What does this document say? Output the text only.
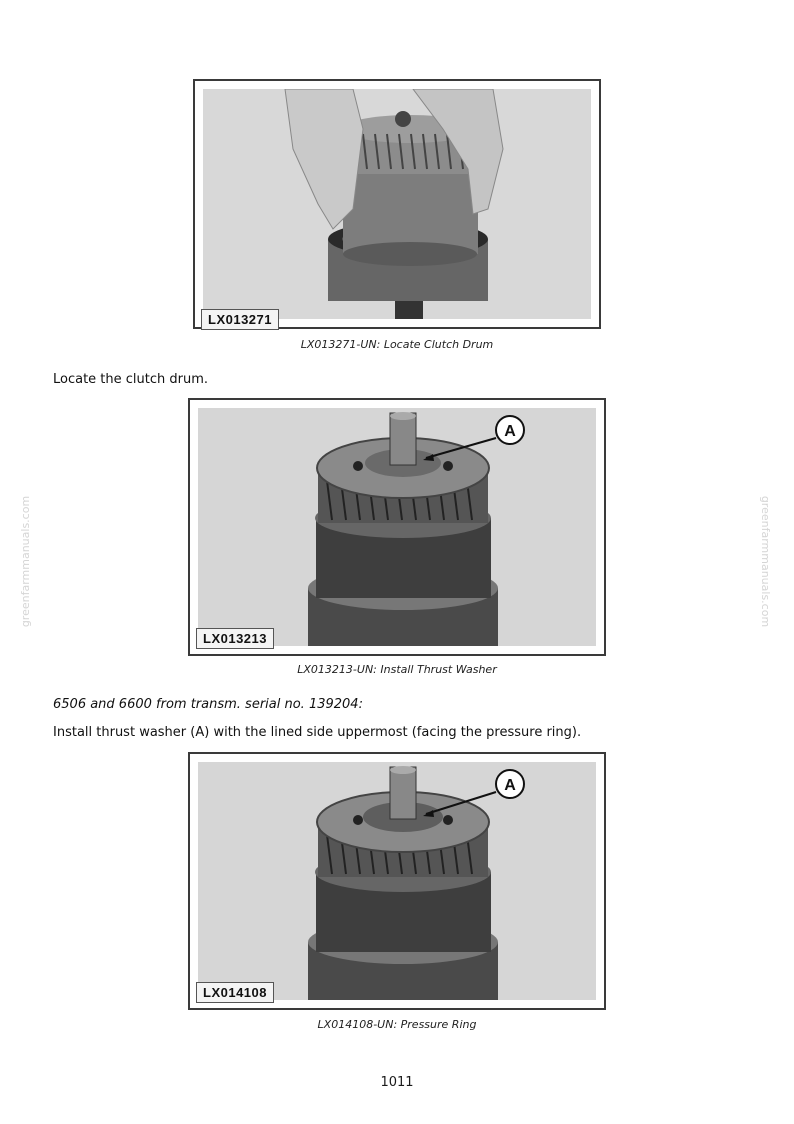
greenfarmmanuals.com	greenfarmmanuals.com
LX013271
LX013271-UN: Locate Clutch Drum
Locate the clutch drum.
A
LX013213
LX013213-UN: Install Thrust Washer
6506 and 6600 from transm. serial no. 139204:
Install thrust washer (A) with the lined side uppermost (facing the pressure ring).
A
LX014108
LX014108-UN: Pressure Ring
1011
